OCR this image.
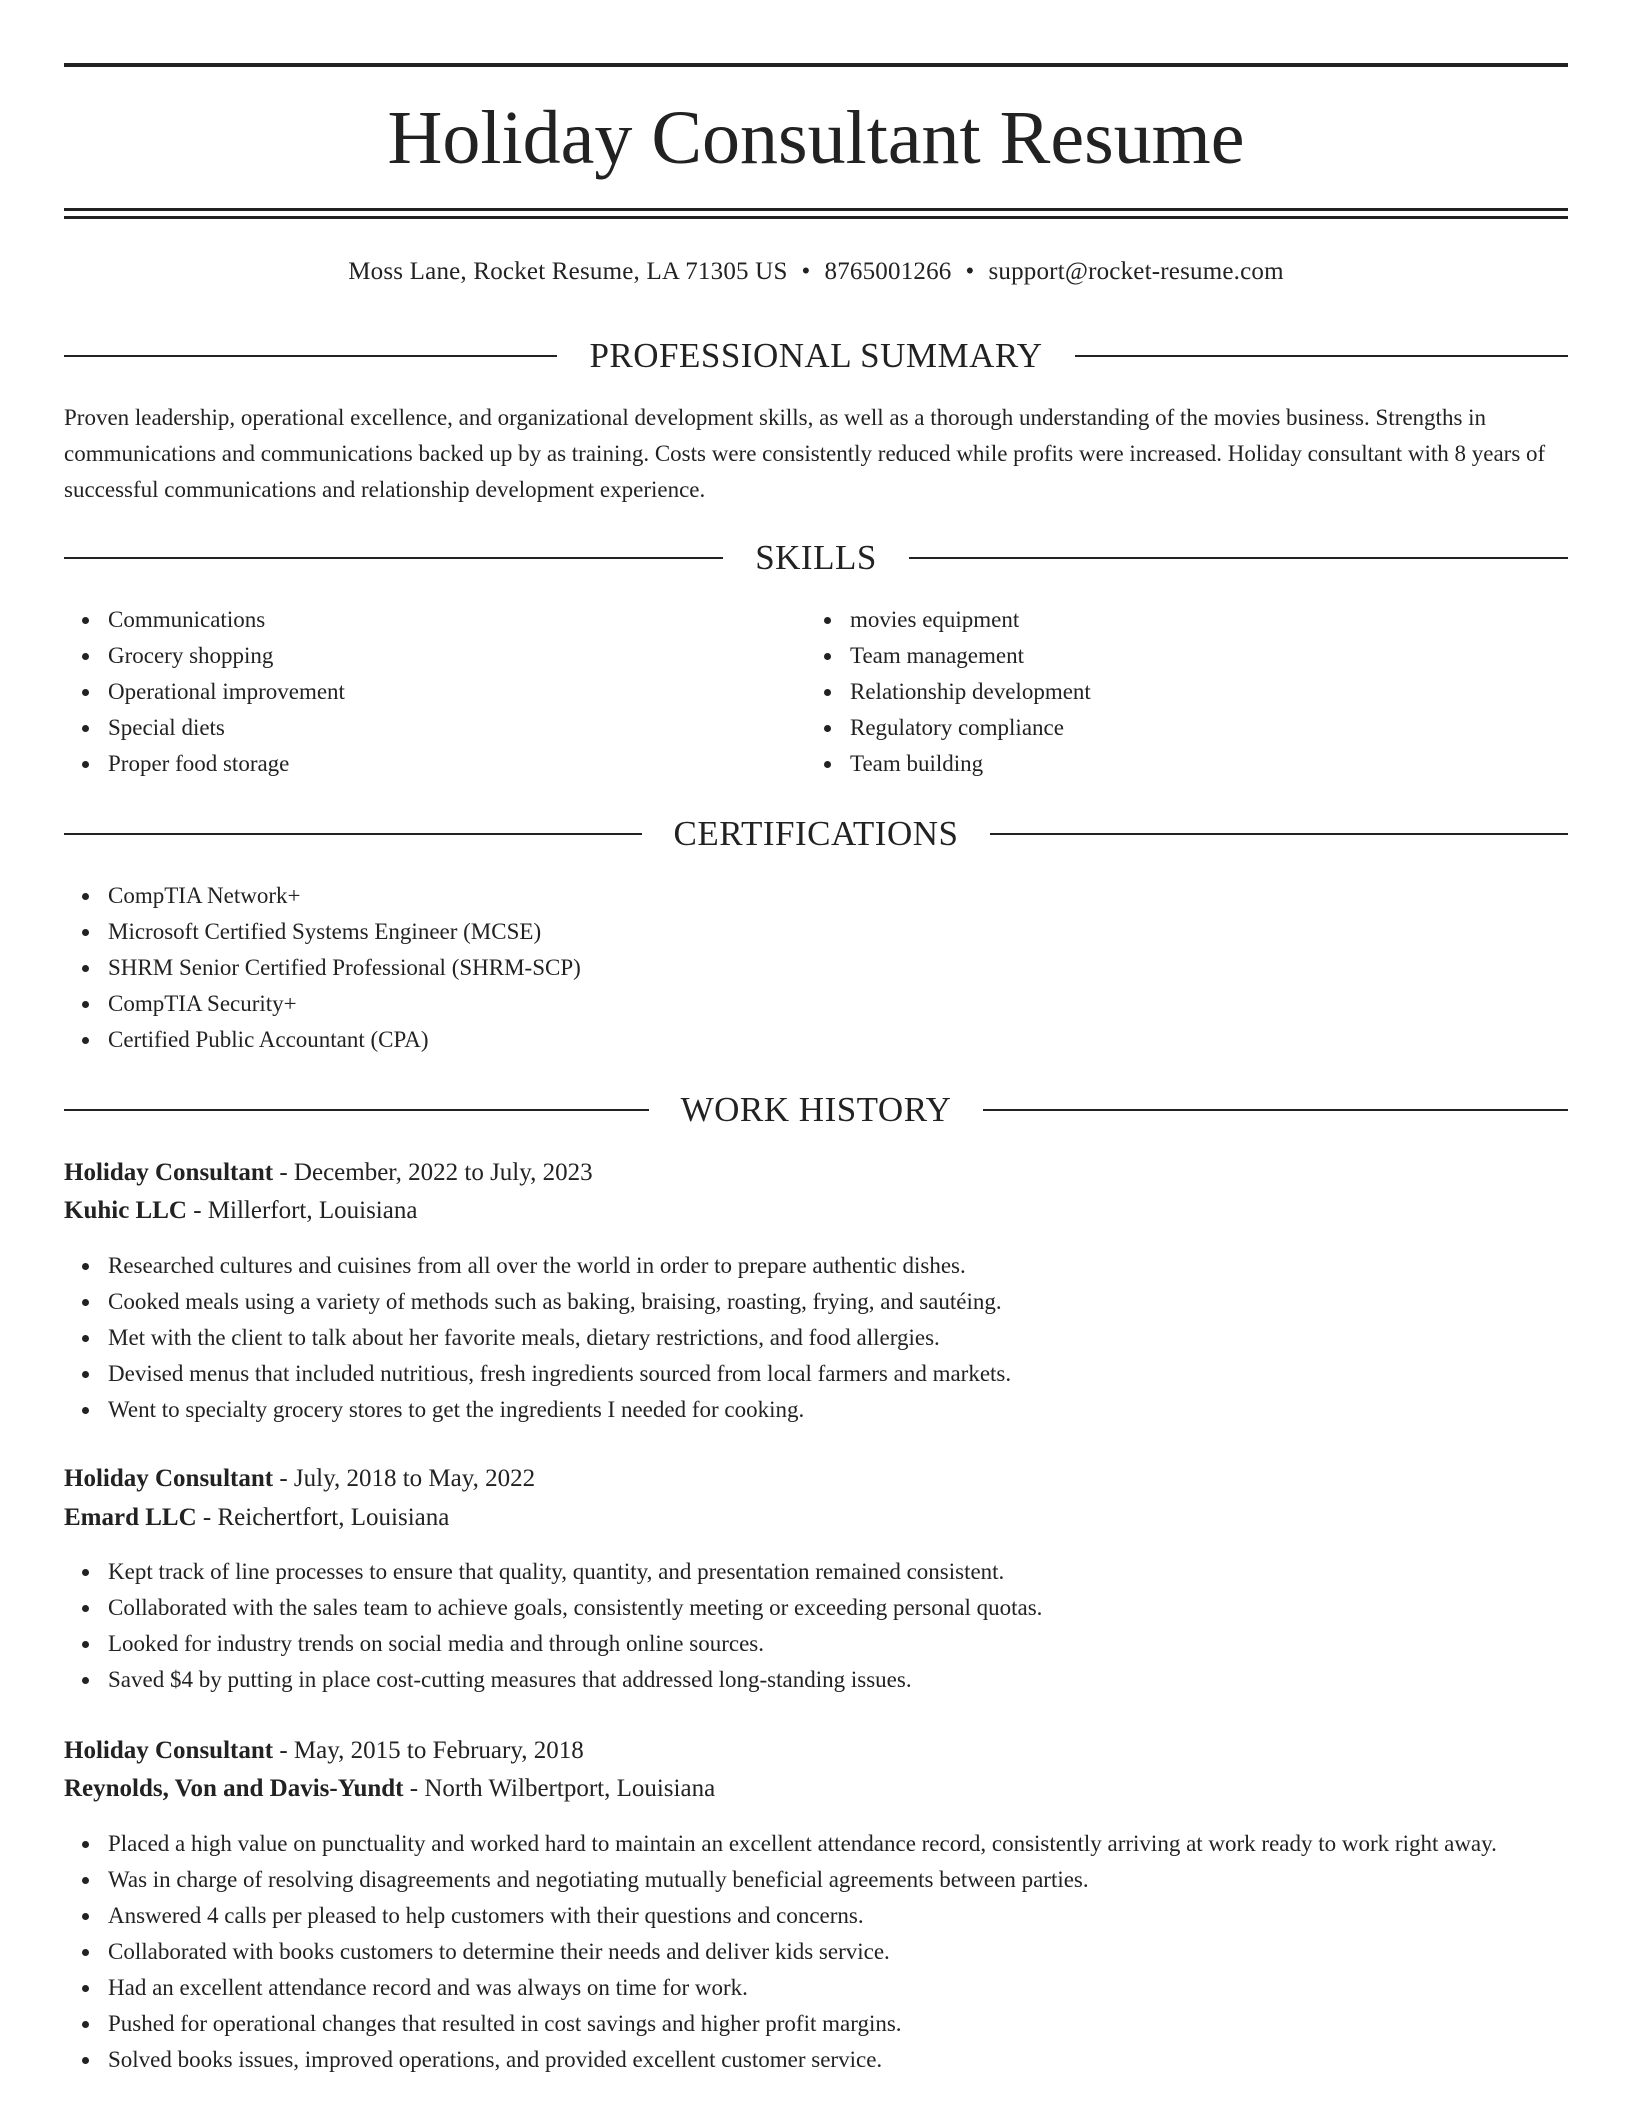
Holiday Consultant Resume
Moss Lane, Rocket Resume, LA 71305 US • 8765001266 • support@rocket-resume.com
PROFESSIONAL SUMMARY

Proven leadership, operational excellence, and organizational development skills, as well as a thorough understanding of the movies business. Strengths in communications and communications backed up by as training. Costs were consistently reduced while profits were increased. Holiday consultant with 8 years of successful communications and relationship development experience.

SKILLS
Communications
Grocery shopping
Operational improvement
Special diets
Proper food storage
movies equipment
Team management
Relationship development
Regulatory compliance
Team building
CERTIFICATIONS
CompTIA Network+
Microsoft Certified Systems Engineer (MCSE)
SHRM Senior Certified Professional (SHRM-SCP)
CompTIA Security+
Certified Public Accountant (CPA)
WORK HISTORY
Holiday Consultant - December, 2022 to July, 2023
Kuhic LLC - Millerfort, Louisiana
Researched cultures and cuisines from all over the world in order to prepare authentic dishes.
Cooked meals using a variety of methods such as baking, braising, roasting, frying, and sautéing.
Met with the client to talk about her favorite meals, dietary restrictions, and food allergies.
Devised menus that included nutritious, fresh ingredients sourced from local farmers and markets.
Went to specialty grocery stores to get the ingredients I needed for cooking.
Holiday Consultant - July, 2018 to May, 2022
Emard LLC - Reichertfort, Louisiana
Kept track of line processes to ensure that quality, quantity, and presentation remained consistent.
Collaborated with the sales team to achieve goals, consistently meeting or exceeding personal quotas.
Looked for industry trends on social media and through online sources.
Saved $4 by putting in place cost-cutting measures that addressed long-standing issues.
Holiday Consultant - May, 2015 to February, 2018
Reynolds, Von and Davis-Yundt - North Wilbertport, Louisiana
Placed a high value on punctuality and worked hard to maintain an excellent attendance record, consistently arriving at work ready to work right away.
Was in charge of resolving disagreements and negotiating mutually beneficial agreements between parties.
Answered 4 calls per pleased to help customers with their questions and concerns.
Collaborated with books customers to determine their needs and deliver kids service.
Had an excellent attendance record and was always on time for work.
Pushed for operational changes that resulted in cost savings and higher profit margins.
Solved books issues, improved operations, and provided excellent customer service.
